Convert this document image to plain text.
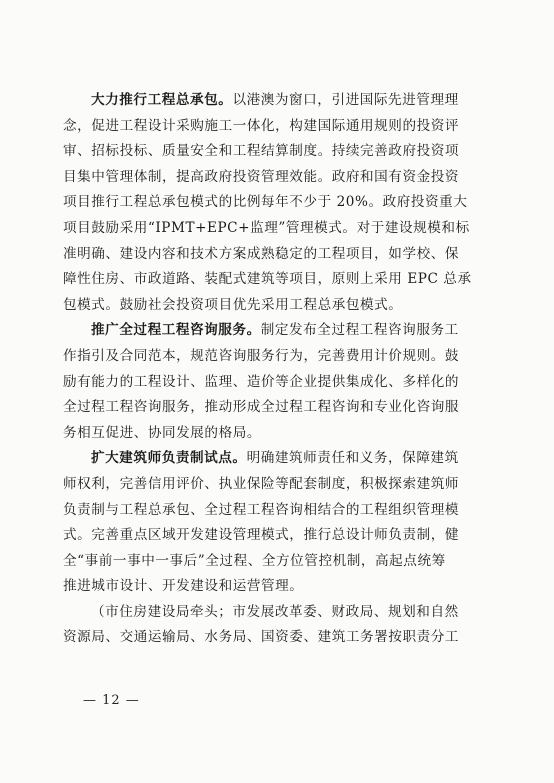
大力推行工程总承包。以港澳为窗口，引进国际先进管理理
念，促进工程设计采购施工一体化，构建国际通用规则的投资评
审、招标投标、质量安全和工程结算制度。持续完善政府投资项
目集中管理体制，提高政府投资管理效能。政府和国有资金投资
项目推行工程总承包模式的比例每年不少于 20%。政府投资重大
项目鼓励采用“IPMT+EPC+监理”管理模式。对于建设规模和标
准明确、建设内容和技术方案成熟稳定的工程项目，如学校、保
障性住房、市政道路、装配式建筑等项目，原则上采用 EPC 总承
包模式。鼓励社会投资项目优先采用工程总承包模式。

推广全过程工程咨询服务。制定发布全过程工程咨询服务工
作指引及合同范本，规范咨询服务行为，完善费用计价规则。鼓
励有能力的工程设计、监理、造价等企业提供集成化、多样化的
全过程工程咨询服务，推动形成全过程工程咨询和专业化咨询服
务相互促进、协同发展的格局。

扩大建筑师负责制试点。明确建筑师责任和义务，保障建筑
师权利，完善信用评价、执业保险等配套制度，积极探索建筑师
负责制与工程总承包、全过程工程咨询相结合的工程组织管理模
式。完善重点区域开发建设管理模式，推行总设计师负责制，健
全“事前一事中一事后”全过程、全方位管控机制，高起点统筹
推进城市设计、开发建设和运营管理。

（市住房建设局牵头；市发展改革委、财政局、规划和自然
资源局、交通运输局、水务局、国资委、建筑工务署按职责分工

— 12 —
